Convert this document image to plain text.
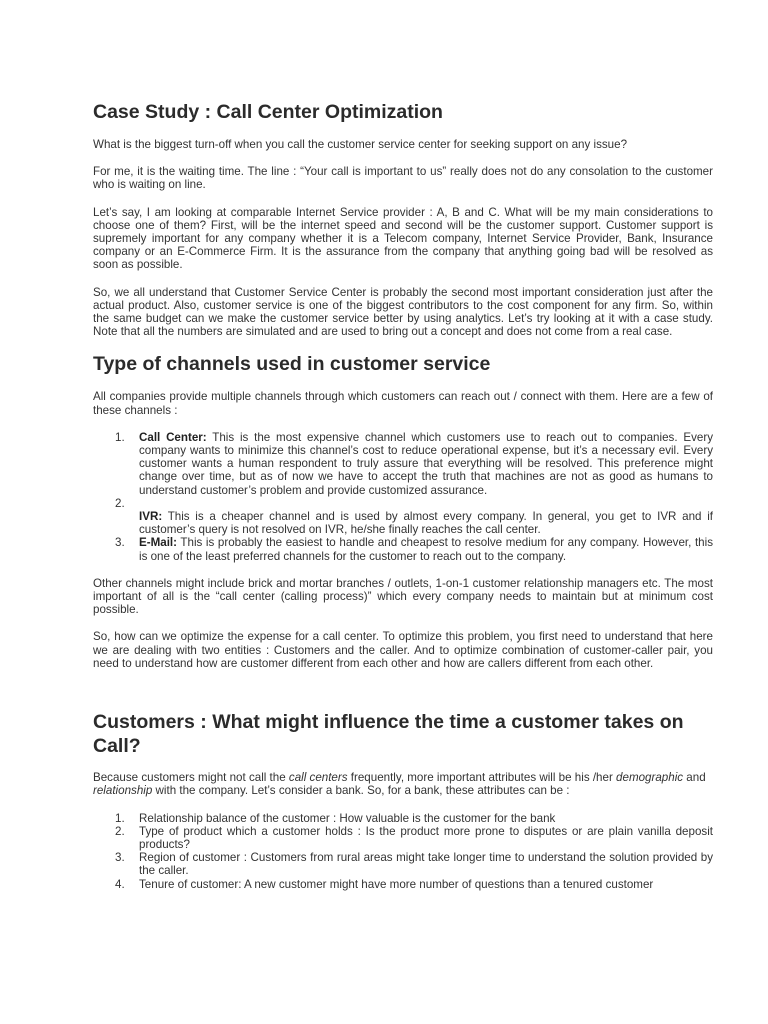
Case Study : Call Center Optimization

What is the biggest turn-off when you call the customer service center for seeking support on any issue?

For me, it is the waiting time. The line : “Your call is important to us” really does not do any consolation to the customer who is waiting on line.

Let’s say, I am looking at comparable Internet Service provider : A, B and C. What will be my main considerations to choose one of them? First, will be the internet speed and second will be the customer support. Customer support is supremely important for any company whether it is a Telecom company, Internet Service Provider, Bank, Insurance company or an E-Commerce Firm. It is the assurance from the company that anything going bad will be resolved as soon as possible.

So, we all understand that Customer Service Center is probably the second most important consideration just after the actual product. Also, customer service is one of the biggest contributors to the cost component for any firm. So, within the same budget can we make the customer service better by using analytics. Let’s try looking at it with a case study. Note that all the numbers are simulated and are used to bring out a concept and does not come from a real case.

Type of channels used in customer service

All companies provide multiple channels through which customers can reach out / connect with them. Here are a few of these channels :

1. Call Center: This is the most expensive channel which customers use to reach out to companies. Every company wants to minimize this channel’s cost to reduce operational expense, but it’s a necessary evil. Every customer wants a human respondent to truly assure that everything will be resolved. This preference might change over time, but as of now we have to accept the truth that machines are not as good as humans to understand customer’s problem and provide customized assurance.
2.

IVR: This is a cheaper channel and is used by almost every company. In general, you get to IVR and if customer’s query is not resolved on IVR, he/she finally reaches the call center.
3. E-Mail: This is probably the easiest to handle and cheapest to resolve medium for any company. However, this is one of the least preferred channels for the customer to reach out to the company.

Other channels might include brick and mortar branches / outlets, 1-on-1 customer relationship managers etc. The most important of all is the “call center (calling process)” which every company needs to maintain but at minimum cost possible.

So, how can we optimize the expense for a call center. To optimize this problem, you first need to understand that here we are dealing with two entities : Customers and the caller. And to optimize combination of customer-caller pair, you need to understand how are customer different from each other and how are callers different from each other.

Customers : What might influence the time a customer takes on Call?

Because customers might not call the call centers frequently, more important attributes will be his /her demographic and relationship with the company. Let’s consider a bank. So, for a bank, these attributes can be :

1. Relationship balance of the customer : How valuable is the customer for the bank
2. Type of product which a customer holds : Is the product more prone to disputes or are plain vanilla deposit products?
3. Region of customer : Customers from rural areas might take longer time to understand the solution provided by the caller.
4. Tenure of customer: A new customer might have more number of questions than a tenured customer
